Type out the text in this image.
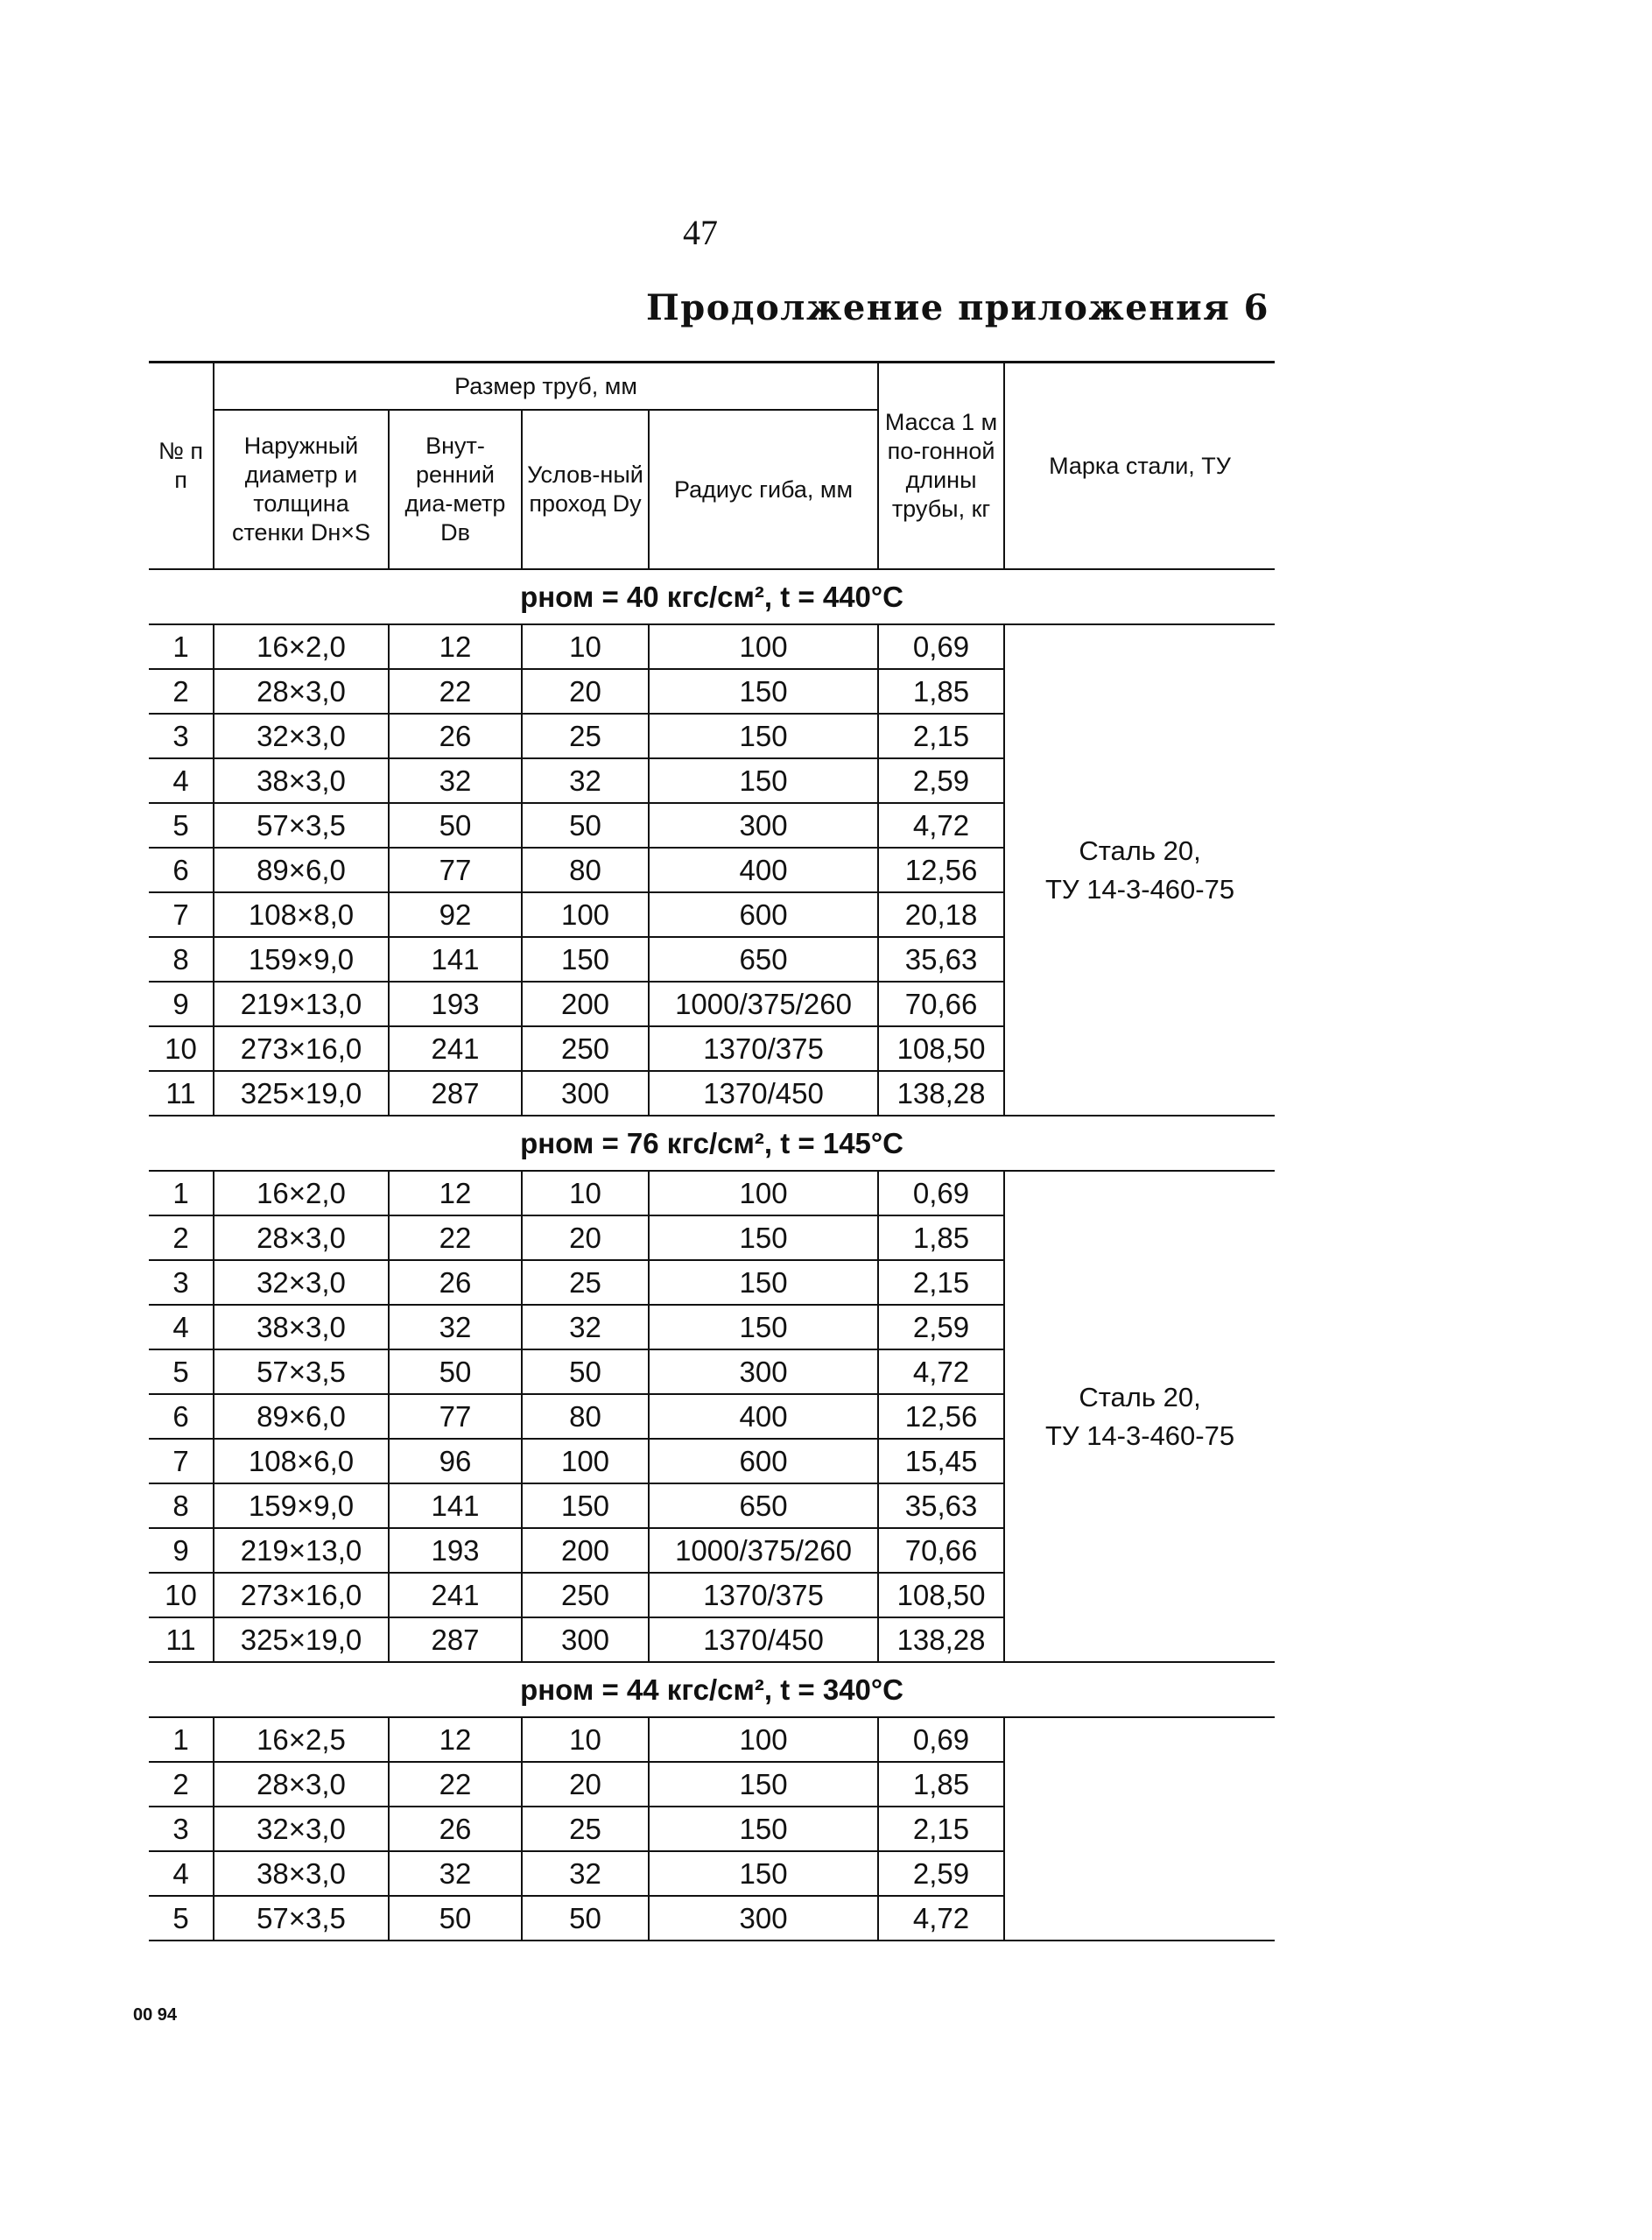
47
Продолжение приложения 6
№ п п	Размер труб, мм				Масса 1 м по-гонной длины трубы, кг	Марка стали, ТУ
	Наружный диаметр и толщина стенки Dн×S	Внут-ренний диа-метр Dв	Услов-ный проход Dу	Радиус гиба, мм		
pном = 40 кгс/см², t = 440°С						
1	16×2,0	12	10	100	0,69	Сталь 20,
ТУ 14-3-460-75

2	28×3,0	22	20	150	1,85	
3	32×3,0	26	25	150	2,15	
4	38×3,0	32	32	150	2,59	
5	57×3,5	50	50	300	4,72	
6	89×6,0	77	80	400	12,56	
7	108×8,0	92	100	600	20,18	
8	159×9,0	141	150	650	35,63	
9	219×13,0	193	200	1000/375/260	70,66	
10	273×16,0	241	250	1370/375	108,50	
11	325×19,0	287	300	1370/450	138,28	
pном = 76 кгс/см², t = 145°С						
1	16×2,0	12	10	100	0,69	Сталь 20,
ТУ 14-3-460-75

2	28×3,0	22	20	150	1,85	
3	32×3,0	26	25	150	2,15	
4	38×3,0	32	32	150	2,59	
5	57×3,5	50	50	300	4,72	
6	89×6,0	77	80	400	12,56	
7	108×6,0	96	100	600	15,45	
8	159×9,0	141	150	650	35,63	
9	219×13,0	193	200	1000/375/260	70,66	
10	273×16,0	241	250	1370/375	108,50	
11	325×19,0	287	300	1370/450	138,28	
pном = 44 кгс/см², t = 340°С						
1	16×2,5	12	10	100	0,69	

2	28×3,0	22	20	150	1,85	
3	32×3,0	26	25	150	2,15	
4	38×3,0	32	32	150	2,59	
5	57×3,5	50	50	300	4,72	
00 94
